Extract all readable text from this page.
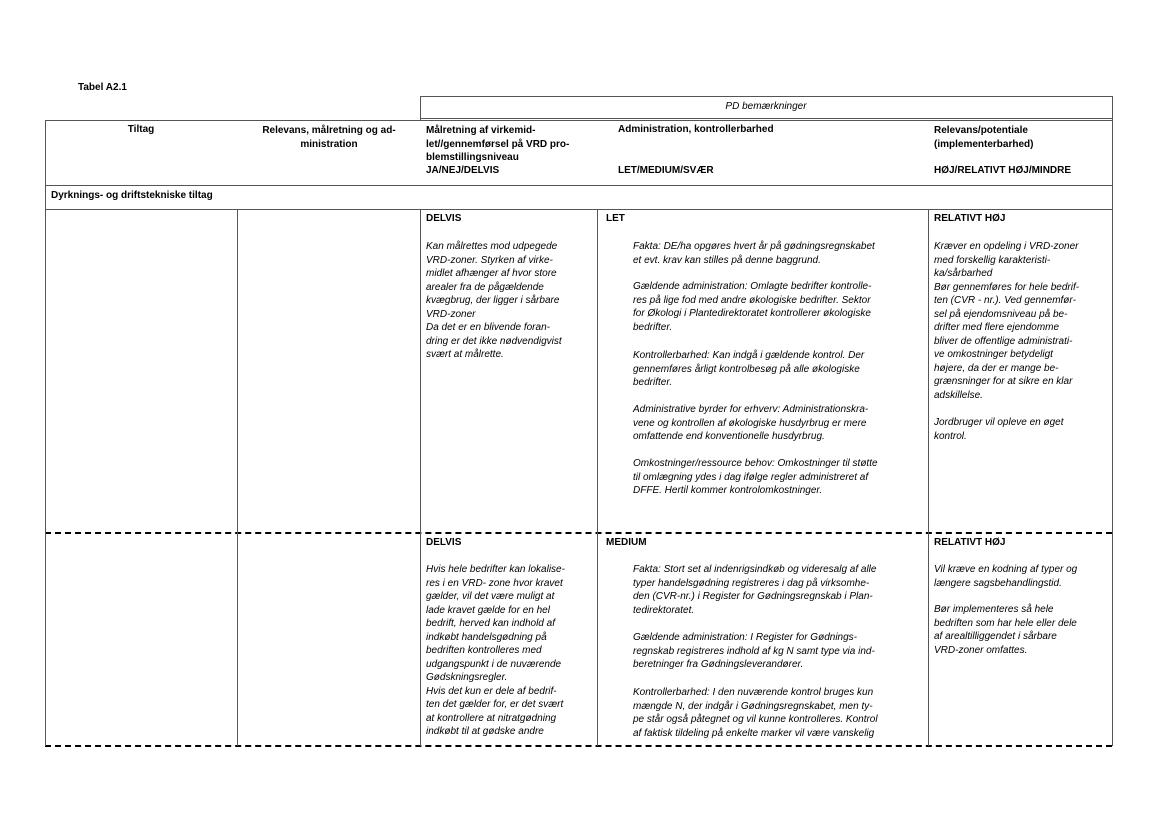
Tabel A2.1
PD bemærkninger
Tiltag	Relevans, målretning og ad-
ministration
Målretning af virkemid-
let//gennemførsel på VRD pro-
blemstillingsniveau
JA/NEJ/DELVIS
Administration, kontrollerbarhed
LET/MEDIUM/SVÆR
Relevans/potentiale
(implementerbarhed)
HØJ/RELATIVT HØJ/MINDRE
Dyrknings- og driftstekniske tiltag
DELVIS
Kan målrettes mod udpegede
VRD-zoner. Styrken af virke-
midlet afhænger af hvor store
arealer fra de pågældende
kvægbrug, der ligger i sårbare
VRD-zoner
Da det er en blivende foran-
dring er det ikke nødvendigvist
svært at målrette.
LET
Fakta: DE/ha opgøres hvert år på gødningsregnskabet
et evt. krav kan stilles på denne baggrund.
Gældende administration: Omlagte bedrifter kontrolle-
res på lige fod med andre økologiske bedrifter. Sektor
for Økologi i Plantedirektoratet kontrollerer økologiske
bedrifter.
Kontrollerbarhed: Kan indgå i gældende kontrol. Der
gennemføres årligt kontrolbesøg på alle økologiske
bedrifter.
Administrative byrder for erhverv: Administrationskra-
vene og kontrollen af økologiske husdyrbrug er mere
omfattende end konventionelle husdyrbrug.
Omkostninger/ressource behov: Omkostninger til støtte
til omlægning ydes i dag ifølge regler administreret af
DFFE. Hertil kommer kontrolomkostninger.
RELATIVT HØJ
Kræver en opdeling i VRD-zoner
med forskellig karakteristi-
ka/sårbarhed
Bør gennemføres for hele bedrif-
ten (CVR - nr.). Ved gennemfør-
sel på ejendomsniveau på be-
drifter med flere ejendomme
bliver de offentlige administrati-
ve omkostninger betydeligt
højere, da der er mange be-
grænsninger for at sikre en klar
adskillelse.
Jordbruger vil opleve en øget
kontrol.
DELVIS
Hvis hele bedrifter kan lokalise-
res i en VRD- zone hvor kravet
gælder, vil det være muligt at
lade kravet gælde for en hel
bedrift, herved kan indhold af
indkøbt handelsgødning på
bedriften kontrolleres med
udgangspunkt i de nuværende
Gødskningsregler.
Hvis det kun er dele af bedrif-
ten det gælder for, er det svært
at kontrollere at nitratgødning
indkøbt til at gødske andre
MEDIUM
Fakta: Stort set al indenrigsindkøb og videresalg af alle
typer handelsgødning registreres i dag på virksomhe-
den (CVR-nr.) i Register for Gødningsregnskab i Plan-
tedirektoratet.
Gældende administration: I Register for Gødnings-
regnskab registreres indhold af kg N samt type via ind-
beretninger fra Gødningsleverandører.
Kontrollerbarhed: I den nuværende kontrol bruges kun
mængde N, der indgår i Gødningsregnskabet, men ty-
pe står også påtegnet og vil kunne kontrolleres. Kontrol
af faktisk tildeling på enkelte marker vil være vanskelig
RELATIVT HØJ
Vil kræve en kodning af typer og
længere sagsbehandlingstid.
Bør implementeres så hele
bedriften som har hele eller dele
af arealtilliggendet i sårbare
VRD-zoner omfattes.
